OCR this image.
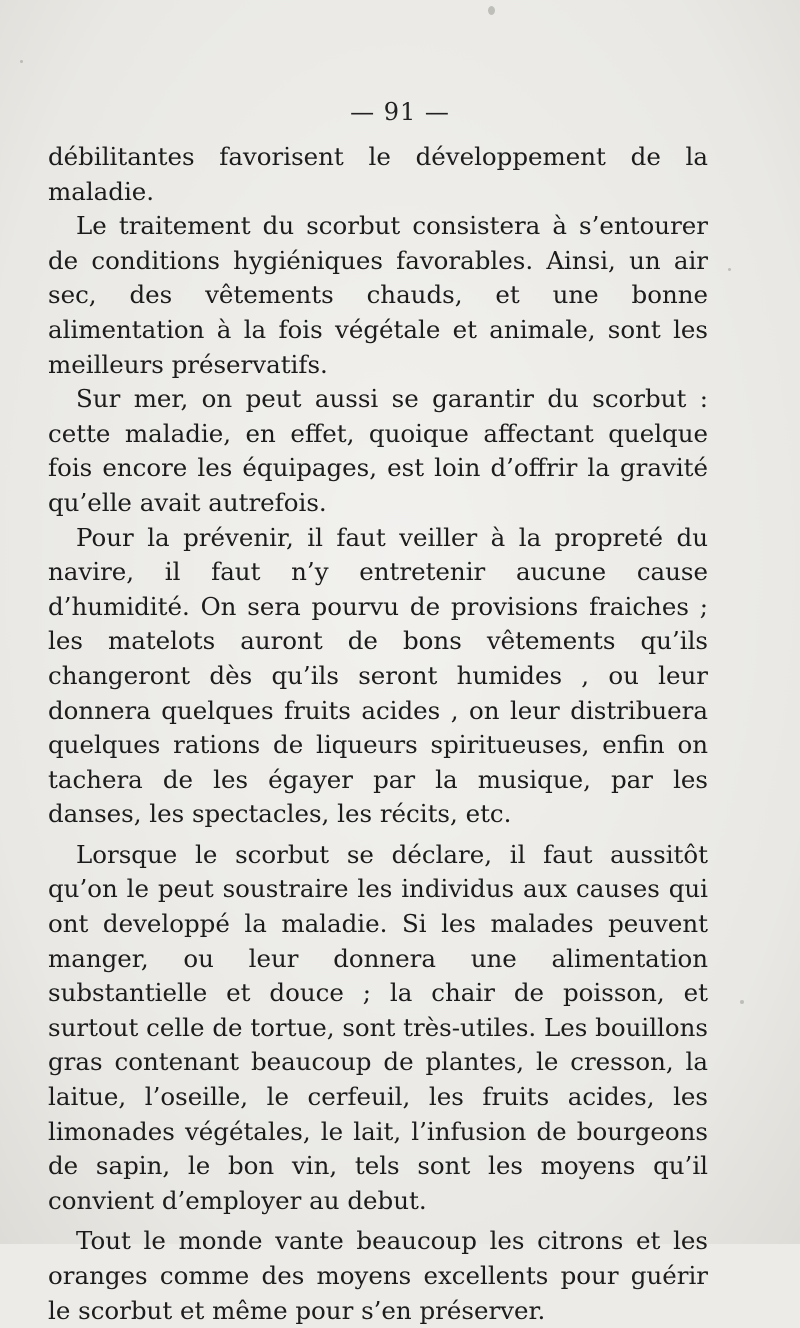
— 91 —

débilitantes favorisent le développement de la maladie.

Le traitement du scorbut consistera à s’entourer de conditions hygiéniques favorables. Ainsi, un air sec, des vêtements chauds, et une bonne alimentation à la fois végétale et animale, sont les meilleurs préservatifs.

Sur mer, on peut aussi se garantir du scorbut : cette maladie, en effet, quoique affectant quelque fois encore les équipages, est loin d’offrir la gravité qu’elle avait autrefois.

Pour la prévenir, il faut veiller à la propreté du navire, il faut n’y entretenir aucune cause d’humidité. On sera pourvu de provisions fraiches ; les matelots auront de bons vêtements qu’ils changeront dès qu’ils seront humides , ou leur donnera quelques fruits acides , on leur distribuera quelques rations de liqueurs spiritueuses, enfin on tachera de les égayer par la musique, par les danses, les spectacles, les récits, etc.

Lorsque le scorbut se déclare, il faut aussitôt qu’on le peut soustraire les individus aux causes qui ont developpé la maladie. Si les malades peuvent manger, ou leur donnera une alimentation substantielle et douce ; la chair de poisson, et surtout celle de tortue, sont très-utiles. Les bouillons gras contenant beaucoup de plantes, le cresson, la laitue, l’oseille, le cerfeuil, les fruits acides, les limonades végétales, le lait, l’infusion de bourgeons de sapin, le bon vin, tels sont les moyens qu’il convient d’employer au debut.

Tout le monde vante beaucoup les citrons et les oranges comme des moyens excellents pour guérir le scorbut et même pour s’en préserver.
